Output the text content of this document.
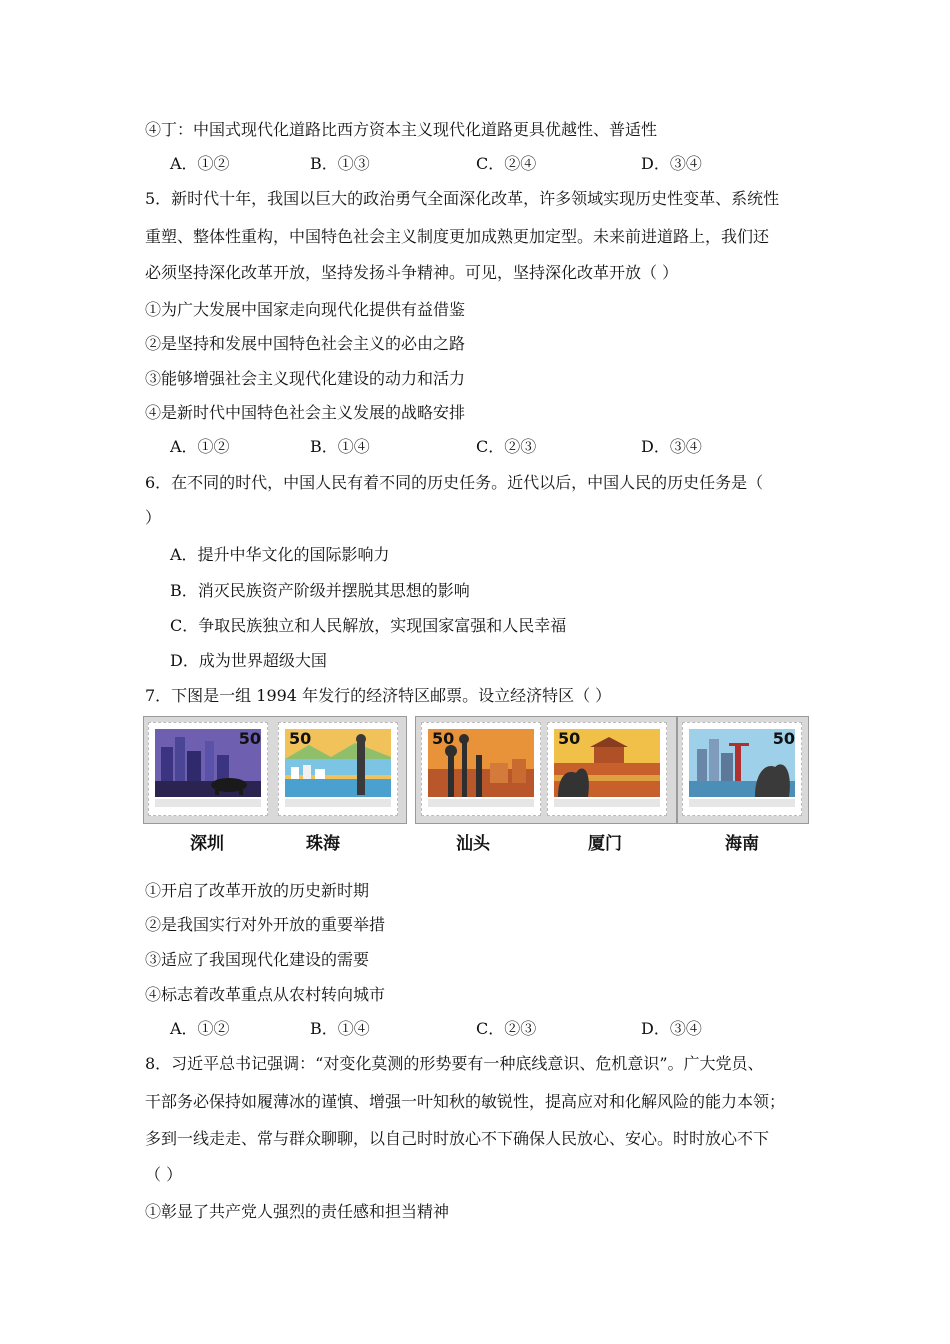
④丁：中国式现代化道路比西方资本主义现代化道路更具优越性、普适性
A．①②	B．①③	C．②④	D．③④
5．新时代十年，我国以巨大的政治勇气全面深化改革，许多领域实现历史性变革、系统性
重塑、整体性重构，中国特色社会主义制度更加成熟更加定型。未来前进道路上，我们还
必须坚持深化改革开放，坚持发扬斗争精神。可见，坚持深化改革开放（ ）
①为广大发展中国家走向现代化提供有益借鉴
②是坚持和发展中国特色社会主义的必由之路
③能够增强社会主义现代化建设的动力和活力
④是新时代中国特色社会主义发展的战略安排
A．①②	B．①④	C．②③	D．③④
6．在不同的时代，中国人民有着不同的历史任务。近代以后，中国人民的历史任务是（
）
A．提升中华文化的国际影响力
B．消灭民族资产阶级并摆脱其思想的影响
C．争取民族独立和人民解放，实现国家富强和人民幸福
D．成为世界超级大国
7．下图是一组 1994 年发行的经济特区邮票。设立经济特区（ ）
50 50	50	50	50
深圳	珠海	汕头	厦门	海南
①开启了改革开放的历史新时期
②是我国实行对外开放的重要举措
③适应了我国现代化建设的需要
④标志着改革重点从农村转向城市
A．①②	B．①④	C．②③	D．③④
8．习近平总书记强调：“对变化莫测的形势要有一种底线意识、危机意识”。广大党员、
干部务必保持如履薄冰的谨慎、增强一叶知秋的敏锐性，提高应对和化解风险的能力本领；
多到一线走走、常与群众聊聊，以自己时时放心不下确保人民放心、安心。时时放心不下
（ ）
①彰显了共产党人强烈的责任感和担当精神
